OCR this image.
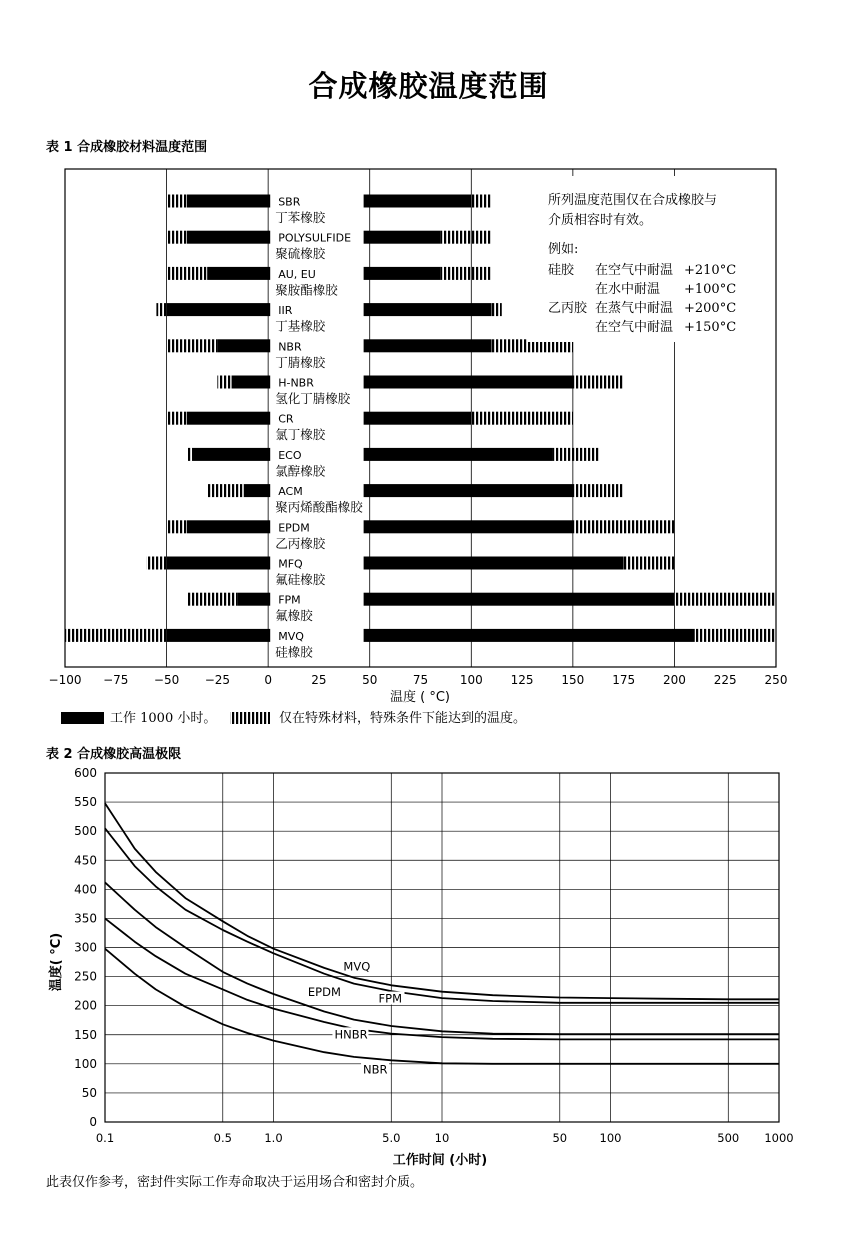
合成橡胶温度范围
表 1 合成橡胶材料温度范围
表 2 合成橡胶高温极限
此表仅作参考，密封件实际工作寿命取决于运用场合和密封介质。
SBR
丁苯橡胶
POLYSULFIDE
聚硫橡胶
AU, EU
聚胺酯橡胶
IIR
丁基橡胶
NBR
丁腈橡胶
H-NBR
氢化丁腈橡胶
CR
氯丁橡胶
ECO
氯醇橡胶
ACM
聚丙烯酸酯橡胶
EPDM
乙丙橡胶
MFQ
氟硅橡胶
FPM
氟橡胶
MVQ
硅橡胶
−100 −75 −50 −25	0	25	50	75	100 125 150 175 200 225 250
所列温度范围仅在合成橡胶与
介质相容时有效。
例如:
硅胶 在空气中耐温 +210°C
在水中耐温 +100°C
乙丙胶 在蒸气中耐温 +200°C
在空气中耐温 +150°C
温度 ( °C)
工作 1000 小时。	仅在特殊材料，特殊条件下能达到的温度。
MVQ
FPM
EPDM
HNBR
NBR
0
50
100
150
200
250
300
350
400
450
500
550
600
0.1	0.5	1.0	5.0	10	50	100	500 1000
工作时间 (小时)
温度( °C)
